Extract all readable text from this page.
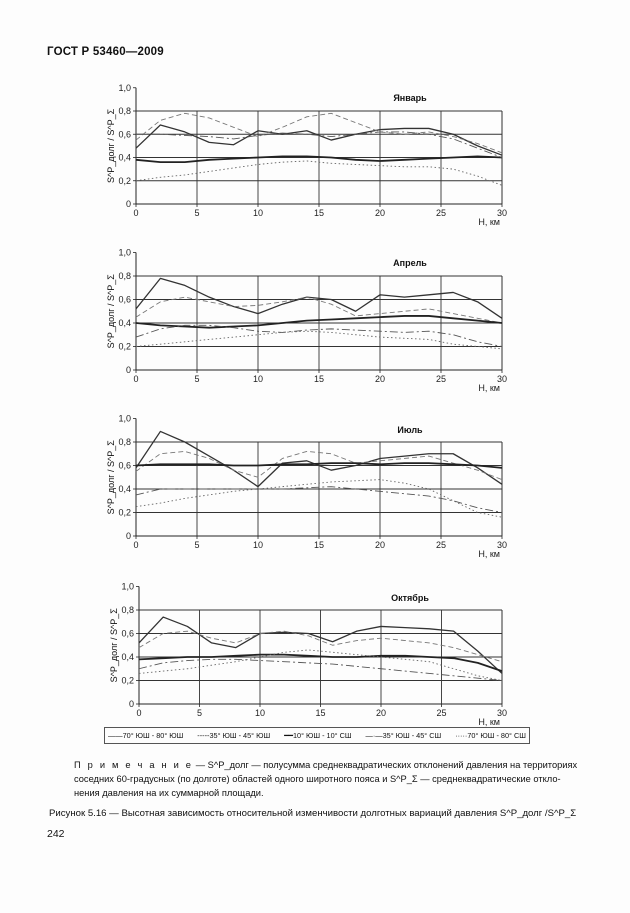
ГОСТ Р 53460—2009
0
0,2
0,4
0,6
0,8
1,0
0	5	10	15	20	25	30
Н, км
S^P_долг / S^P_Σ
Январь
0
0,2
0,4
0,6
0,8
1,0
0	5	10	15	20	25	30
Н, км
S^P_долг / S^P_Σ
Апрель
0
0,2
0,4
0,6
0,8
1,0
0	5	10	15	20	25	30
Н, км
S^P_долг / S^P_Σ
Июль
0
0,2
0,4
0,6
0,8
1,0
0	5	10	15	20	25	30
Н, км
S^P_долг / S^P_Σ
Октябрь
——70° ЮШ - 80° ЮШ -----35° ЮШ - 45° ЮШ ━━10° ЮШ - 10° СШ —·—35° ЮШ - 45° СШ ·····70° ЮШ - 80° СШ
П р и м е ч а н и е — S^P_долг — полусумма среднеквадратических отклонений давления на территориях
соседних 60-градусных (по долготе) областей одного широтного пояса и S^P_Σ — среднеквадратические откло-
нения давления на их суммарной площади.
Рисунок 5.16 — Высотная зависимость относительной изменчивости долготных вариаций давления S^P_долг /S^P_Σ
242
